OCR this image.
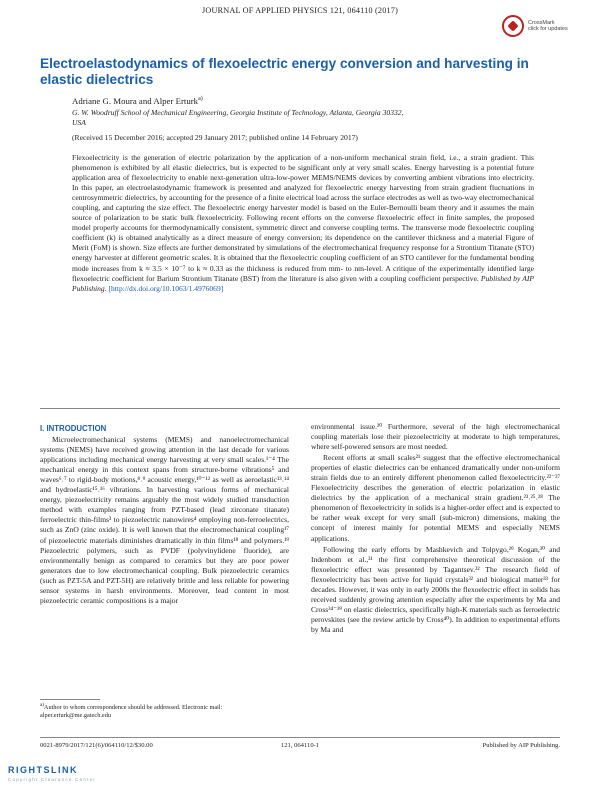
JOURNAL OF APPLIED PHYSICS 121, 064110 (2017)
CrossMark
click for updates
Electroelastodynamics of flexoelectric energy conversion and harvesting in elastic dielectrics
Adriane G. Moura and Alper Erturk$^{a)}$
G. W. Woodruff School of Mechanical Engineering, Georgia Institute of Technology, Atlanta, Georgia 30332,
USA
(Received 15 December 2016; accepted 29 January 2017; published online 14 February 2017)
Flexoelectricity is the generation of electric polarization by the application of a non-uniform mechanical strain field, i.e., a strain gradient. This phenomenon is exhibited by all elastic dielectrics, but is expected to be significant only at very small scales. Energy harvesting is a potential future application area of flexoelectricity to enable next-generation ultra-low-power MEMS/NEMS devices by converting ambient vibrations into electricity. In this paper, an electroelastodynamic framework is presented and analyzed for flexoelectric energy harvesting from strain gradient fluctuations in centrosymmetric dielectrics, by accounting for the presence of a finite electrical load across the surface electrodes as well as two-way electromechanical coupling, and capturing the size effect. The flexoelectric energy harvester model is based on the Euler-Bernoulli beam theory and it assumes the main source of polarization to be static bulk flexoelectricity. Following recent efforts on the converse flexoelectric effect in finite samples, the proposed model properly accounts for thermodynamically consistent, symmetric direct and converse coupling terms. The transverse mode flexoelectric coupling coefficient (k) is obtained analytically as a direct measure of energy conversion; its dependence on the cantilever thickness and a material Figure of Merit (FoM) is shown. Size effects are further demonstrated by simulations of the electromechanical frequency response for a Strontium Titanate (STO) energy harvester at different geometric scales. It is obtained that the flexoelectric coupling coefficient of an STO cantilever for the fundamental bending mode increases from k ≈ 3.5 × 10⁻⁷ to k ≈ 0.33 as the thickness is reduced from mm- to nm-level. A critique of the experimentally identified large flexoelectric coefficient for Barium Strontium Titanate (BST) from the literature is also given with a coupling coefficient perspective. Published by AIP Publishing. [http://dx.doi.org/10.1063/1.4976069]

I. INTRODUCTION

Microelectromechanical systems (MEMS) and nanoelectromechanical systems (NEMS) have received growing attention in the last decade for various applications including mechanical energy harvesting at very small scales.¹⁻⁴ The mechanical energy in this context spans from structure-borne vibrations⁵ and waves⁶˒⁷ to rigid-body motions,⁸˒⁹ acoustic energy,¹⁰⁻¹² as well as aeroelastic¹³˒¹⁴ and hydroelastic¹⁵˒¹⁶ vibrations. In harvesting various forms of mechanical energy, piezoelectricity remains arguably the most widely studied transduction method with examples ranging from PZT-based (lead zirconate titanate) ferroelectric thin-films³ to piezoelectric nanowires⁴ employing non-ferroelectrics, such as ZnO (zinc oxide). It is well known that the electromechanical coupling¹⁷ of piezoelectric materials diminishes dramatically in thin films¹⁸ and polymers.¹⁹ Piezoelectric polymers, such as PVDF (polyvinylidene fluoride), are environmentally benign as compared to ceramics but they are poor power generators due to low electromechanical coupling. Bulk piezoelectric ceramics (such as PZT-5A and PZT-5H) are relatively brittle and less reliable for powering sensor systems in harsh environments. Moreover, lead content in most piezoelectric ceramic compositions is a major

environmental issue.²⁰ Furthermore, several of the high electromechanical coupling materials lose their piezoelectricity at moderate to high temperatures, where self-powered sensors are most needed.

Recent efforts at small scales²¹ suggest that the effective electromechanical properties of elastic dielectrics can be enhanced dramatically under non-uniform strain fields due to an entirely different phenomenon called flexoelectricity.²²⁻²⁷ Flexoelectricity describes the generation of electric polarization in elastic dielectrics by the application of a mechanical strain gradient.²³˒²⁵˒²⁸ The phenomenon of flexoelectricity in solids is a higher-order effect and is expected to be rather weak except for very small (sub-micron) dimensions, making the concept of interest mainly for potential MEMS and especially NEMS applications.

Following the early efforts by Mashkevich and Tolpygo,²⁹ Kogan,³⁰ and Indenbom et al.,³¹ the first comprehensive theoretical discussion of the flexoelectric effect was presented by Tagantsev.²² The research field of flexoelectricity has been active for liquid crystals³² and biological matter³³ for decades. However, it was only in early 2000s the flexoelectric effect in solids has received suddenly growing attention especially after the experiments by Ma and Cross³⁴⁻³⁹ on elastic dielectrics, specifically high-K materials such as ferroelectric perovskites (see the review article by Cross⁴⁰). In addition to experimental efforts by Ma and

$^{a)}$Author to whom correspondence should be addressed. Electronic mail: alper.erturk@me.gatech.edu
0021-8979/2017/121(6)/064110/12/$30.00	121, 064110-1	Published by AIP Publishing.
RIGHTSLINK
Copyright Clearance Center
